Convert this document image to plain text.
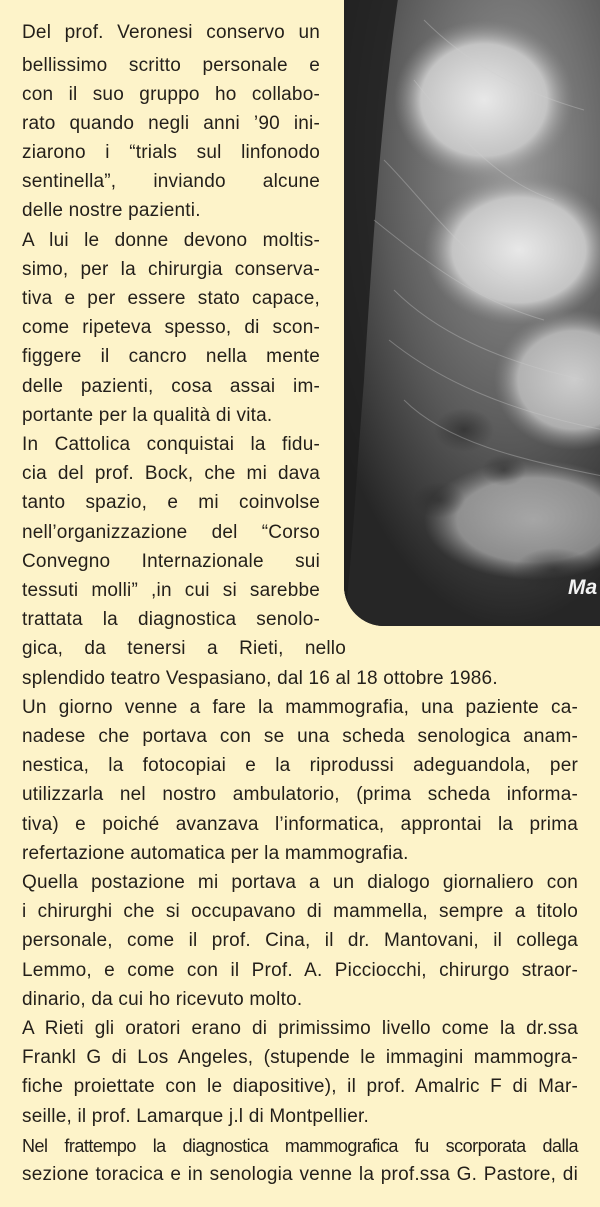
Ma
Del prof. Veronesi conservo un
bellissimo scritto personale e
con il suo gruppo ho collabo-
rato quando negli anni ’90 ini-
ziarono i “trials sul linfonodo
sentinella”, inviando alcune
delle nostre pazienti.
A lui le donne devono moltis-
simo, per la chirurgia conserva-
tiva e per essere stato capace,
come ripeteva spesso, di scon-
figgere il cancro nella mente
delle pazienti, cosa assai im-
portante per la qualità di vita.
In Cattolica conquistai la fidu-
cia del prof. Bock, che mi dava
tanto spazio, e mi coinvolse
nell’organizzazione del “Corso
Convegno Internazionale sui
tessuti molli” ,in cui si sarebbe
trattata la diagnostica senolo-
gica, da tenersi a Rieti, nello
splendido teatro Vespasiano, dal 16 al 18 ottobre 1986.
Un giorno venne a fare la mammografia, una paziente ca-
nadese che portava con se una scheda senologica anam-
nestica, la fotocopiai e la riprodussi adeguandola, per
utilizzarla nel nostro ambulatorio, (prima scheda informa-
tiva) e poiché avanzava l’informatica, approntai la prima
refertazione automatica per la mammografia.
Quella postazione mi portava a un dialogo giornaliero con
i chirurghi che si occupavano di mammella, sempre a titolo
personale, come il prof. Cina, il dr. Mantovani, il collega
Lemmo, e come con il Prof. A. Picciocchi, chirurgo straor-
dinario, da cui ho ricevuto molto.
A Rieti gli oratori erano di primissimo livello come la dr.ssa
Frankl G di Los Angeles, (stupende le immagini mammogra-
fiche proiettate con le diapositive), il prof. Amalric F di Mar-
seille, il prof. Lamarque j.l di Montpellier.
Nel frattempo la diagnostica mammografica fu scorporata dalla
sezione toracica e in senologia venne la prof.ssa G. Pastore, di
